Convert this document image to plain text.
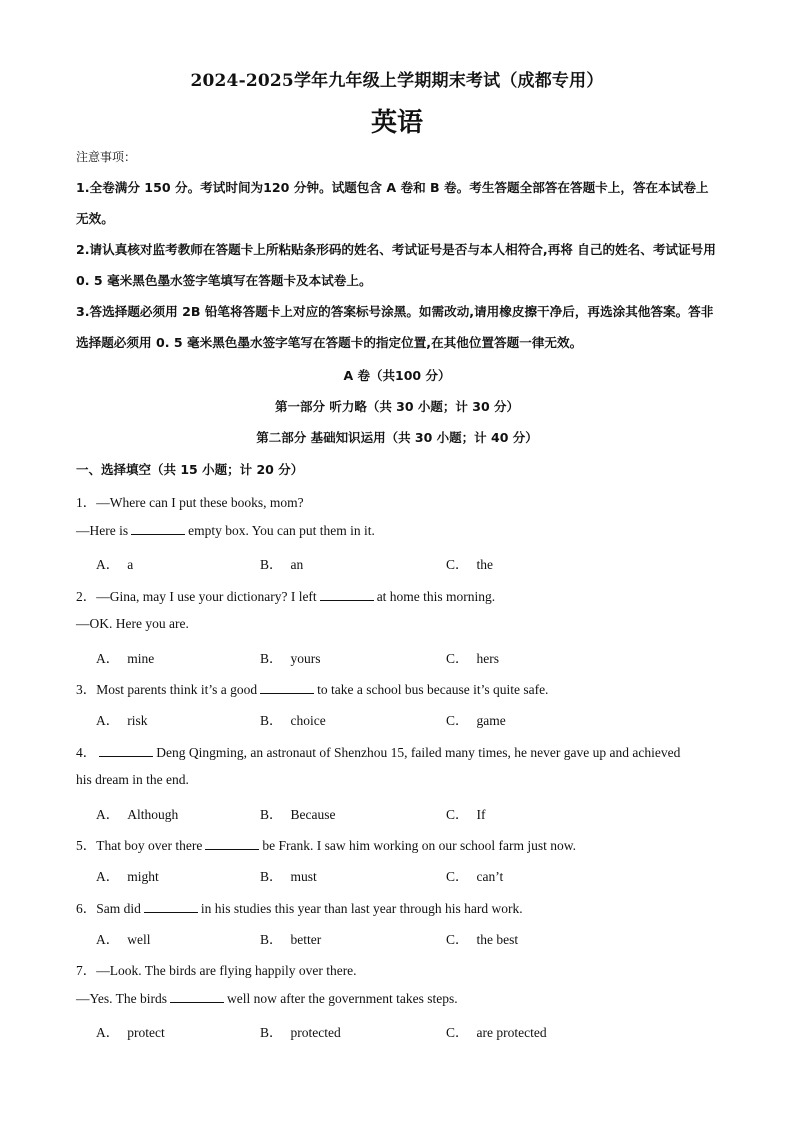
2024-2025学年九年级上学期期末考试（成都专用）
英语
注意事项：
1.全卷满分 150 分。考试时间为120 分钟。试题包含 A 卷和 B 卷。考生答题全部答在答题卡上，答在本试卷上无效。
2.请认真核对监考教师在答题卡上所粘贴条形码的姓名、考试证号是否与本人相符合,再将 自己的姓名、考试证号用 0. 5 毫米黑色墨水签字笔填写在答题卡及本试卷上。
3.答选择题必须用 2B 铅笔将答题卡上对应的答案标号涂黑。如需改动,请用橡皮擦干净后，再选涂其他答案。答非选择题必须用 0. 5 毫米黑色墨水签字笔写在答题卡的指定位置,在其他位置答题一律无效。
A 卷（共100 分）
第一部分 听力略（共 30 小题；计 30 分）
第二部分 基础知识运用（共 30 小题；计 40 分）
一、选择填空（共 15 小题；计 20 分）
1．—Where can I put these books, mom?
—Here is	empty box. You can put them in it.
A． a	B． an	C． the
2．—Gina, may I use your dictionary? I left	at home this morning.
—OK. Here you are.
A． mine	B． yours	C． hers
3．Most parents think it’s a good	to take a school bus because it’s quite safe.
A． risk	B． choice	C． game
4．	Deng Qingming, an astronaut of Shenzhou 15, failed many times, he never gave up and achieved
his dream in the end.
A． Although	B． Because	C． If
5．That boy over there	be Frank. I saw him working on our school farm just now.
A． might	B． must	C． can’t
6．Sam did	in his studies this year than last year through his hard work.
A． well	B． better	C． the best
7．—Look. The birds are flying happily over there.
—Yes. The birds	well now after the government takes steps.
A． protect	B． protected	C． are protected
